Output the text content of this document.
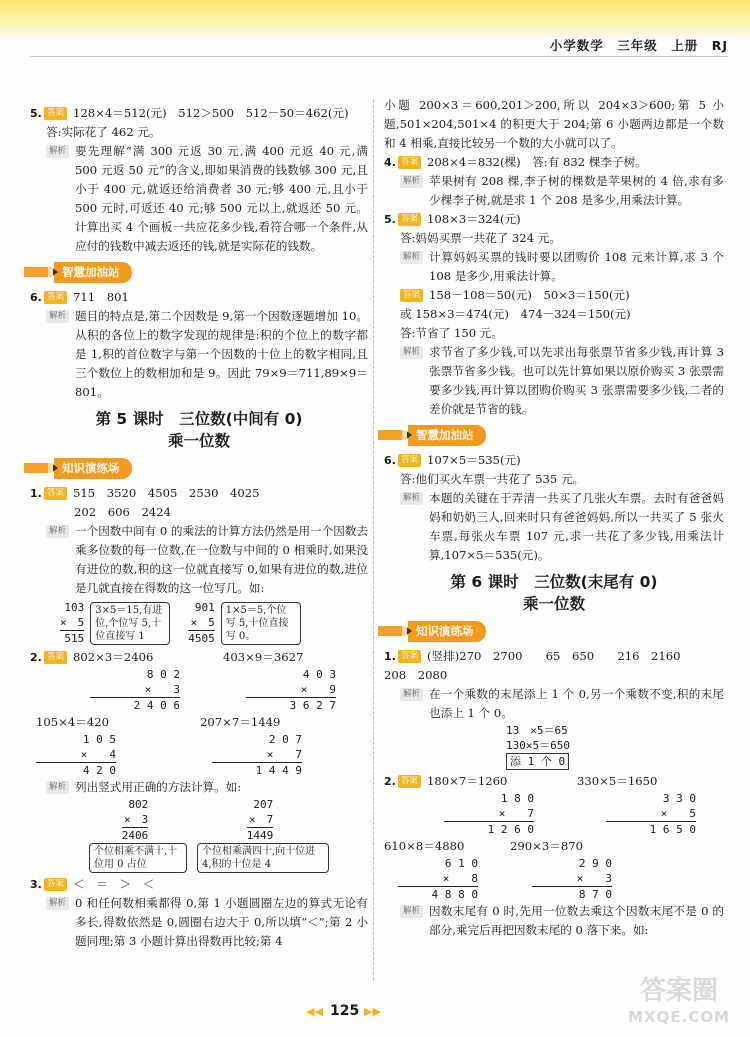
小学数学　三年级　上册　RJ
5. 答案 128×4＝512(元)　512＞500　512－50＝462(元)
答:实际花了 462 元。
解析 要先理解“满 300 元返 30 元,满 400 元返 40 元,满 500 元返 50 元”的含义,即如果消费的钱数够 300 元,且小于 400 元,就返还给消费者 30 元;够 400 元,且小于 500 元时,可返还 40 元;够 500 元以上,就返还 50 元。计算出买 4 个画板一共应花多少钱,看符合哪一个条件,从应付的钱数中减去返还的钱,就是实际花的钱数。
智慧加油站
6. 答案 711　801
解析 题目的特点是,第二个因数是 9,第一个因数逐题增加 10。从积的各位上的数字发现的规律是:积的个位上的数字都是 1,积的首位数字与第一个因数的十位上的数字相同,且三个数位上的数相加和是 9。因此 79×9＝711,89×9＝801。
第 5 课时　三位数(中间有 0)
乘一位数
知识演练场
1. 答案 515　3520　4505　2530　4025
202　606　2424
解析 一个因数中间有 0 的乘法的计算方法仍然是用一个因数去乘多位数的每一位数,在一位数与中间的 0 相乘时,如果没有进位的数,积的这一位就直接写 0,如果有进位的数,进位是几就直接在得数的这一位写几。如:
103
×　5
515
3×5＝15,有进位,个位写 5,十位直接写 1
901
×　5
4505
1×5＝5,个位写 5,十位直接写 0。
2. 答案 802×3＝2406	403×9＝3627
8 0 2
×　　3
2 4 0 6
4 0 3
×　　9
3 6 2 7
105×4＝420	207×7＝1449
1 0 5
×　　4
4 2 0
2 0 7
×　　7
1 4 4 9
解析 列出竖式用正确的方法计算。如:
802
×　3
2406
个位相乘不满十,十位用 0 占位
207
×　7
1449
个位相乘满四十,向十位进 4,积的十位是 4
3. 答案 ＜　＝　＞　＜
解析 0 和任何数相乘都得 0,第 1 小题圆圈左边的算式无论有多长,得数依然是 0,圆圈右边大于 0,所以填“＜”;第 2 小题同理;第 3 小题计算出得数再比较;第 4
小题 200×3＝600,201＞200,所以 204×3＞600;第 5 小题,501×204,501×4 的积更大于 204;第 6 小题两边都是一个数和 4 相乘,直接比较另一个数的大小就可以了。
4. 答案 208×4＝832(棵)　答:有 832 棵李子树。
解析 苹果树有 208 棵,李子树的棵数是苹果树的 4 倍,求有多少棵李子树,就是求 1 个 208 是多少,用乘法计算。
5. 答案 108×3＝324(元)
答:妈妈买票一共花了 324 元。
解析 计算妈妈买票的钱时要以团购价 108 元来计算,求 3 个 108 是多少,用乘法计算。
答案 158－108＝50(元)　50×3＝150(元)
或 158×3＝474(元)　474－324＝150(元)
答:节省了 150 元。
解析 求节省了多少钱,可以先求出每张票节省多少钱,再计算 3 张票节省多少钱。也可以先计算如果以原价购买 3 张票需要多少钱,再计算以团购价购买 3 张票需要多少钱,二者的差价就是节省的钱。
智慧加油站
6. 答案 107×5＝535(元)
答:他们买火车票一共花了 535 元。
解析 本题的关键在于弄清一共买了几张火车票。去时有爸爸妈妈和奶奶三人,回来时只有爸爸妈妈,所以一共买了 5 张火车票,每张火车票 107 元,求一共花了多少钱,用乘法计算,107×5＝535(元)。
第 6 课时　三位数(末尾有 0)
乘一位数
知识演练场
1. 答案 (竖排)270　2700　　65　650　　216　2160
208　2080
解析 在一个乘数的末尾添上 1 个 0,另一个乘数不变,积的末尾也添上 1 个 0。
13　×5＝65
130×5＝650
添 1 个 0
2. 答案 180×7＝1260	330×5＝1650
1 8 0
×　　7
1 2 6 0
3 3 0
×　　5
1 6 5 0
610×8＝4880	290×3＝870
6 1 0
×　　8
4 8 8 0
2 9 0
×　　3
8 7 0
解析 因数末尾有 0 时,先用一位数去乘这个因数末尾不是 0 的部分,乘完后再把因数末尾的 0 落下来。如:
◀◀ 125 ▶▶
答案圈
MXQE.COM
